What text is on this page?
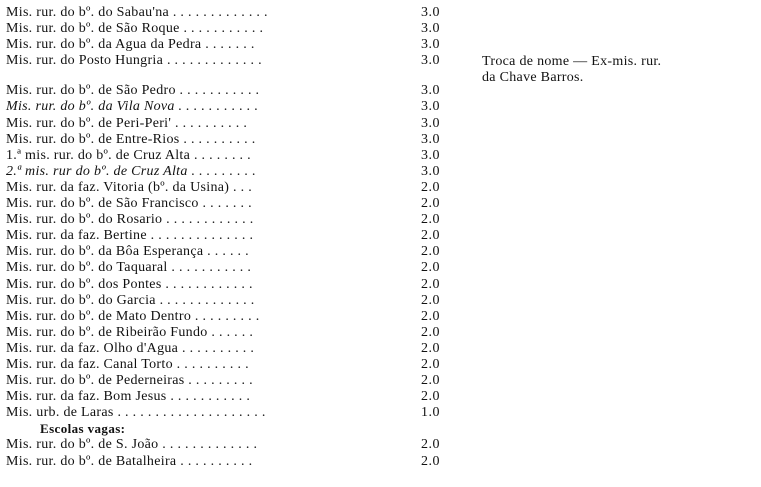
Mis. rur. do bº. do Sabau'na . . . . . . . . . . . . .	3.0
Mis. rur. do bº. de São Roque . . . . . . . . . . .	3.0
Mis. rur. do bº. da Agua da Pedra . . . . . . .	3.0
Mis. rur. do Posto Hungria . . . . . . . . . . . . .	3.0
Mis. rur. do bº. de São Pedro . . . . . . . . . . .	3.0
Mis. rur. do bº. da Vila Nova . . . . . . . . . . .	3.0
Mis. rur. do bº. de Peri-Peri' . . . . . . . . . .	3.0
Mis. rur. do bº. de Entre-Rios . . . . . . . . . .	3.0
1.ª mis. rur. do bº. de Cruz Alta . . . . . . . .	3.0
2.ª mis. rur do bº. de Cruz Alta . . . . . . . . .	3.0
Mis. rur. da faz. Vitoria (bº. da Usina) . . .	2.0
Mis. rur. do bº. de São Francisco . . . . . . .	2.0
Mis. rur. do bº. do Rosario . . . . . . . . . . . .	2.0
Mis. rur. da faz. Bertine . . . . . . . . . . . . . .	2.0
Mis. rur. do bº. da Bôa Esperança . . . . . .	2.0
Mis. rur. do bº. do Taquaral . . . . . . . . . . .	2.0
Mis. rur. do bº. dos Pontes . . . . . . . . . . . .	2.0
Mis. rur. do bº. do Garcia . . . . . . . . . . . . .	2.0
Mis. rur. do bº. de Mato Dentro . . . . . . . . .	2.0
Mis. rur. do bº. de Ribeirão Fundo . . . . . .	2.0
Mis. rur. da faz. Olho d'Agua . . . . . . . . . .	2.0
Mis. rur. da faz. Canal Torto . . . . . . . . . .	2.0
Mis. rur. do bº. de Pederneiras . . . . . . . . .	2.0
Mis. rur. da faz. Bom Jesus . . . . . . . . . . .	2.0
Mis. urb. de Laras . . . . . . . . . . . . . . . . . . . .	1.0
Escolas vagas:
Mis. rur. do bº. de S. João . . . . . . . . . . . . .	2.0
Mis. rur. do bº. de Batalheira . . . . . . . . . .	2.0
Troca de nome — Ex-mis. rur.
da Chave Barros.
